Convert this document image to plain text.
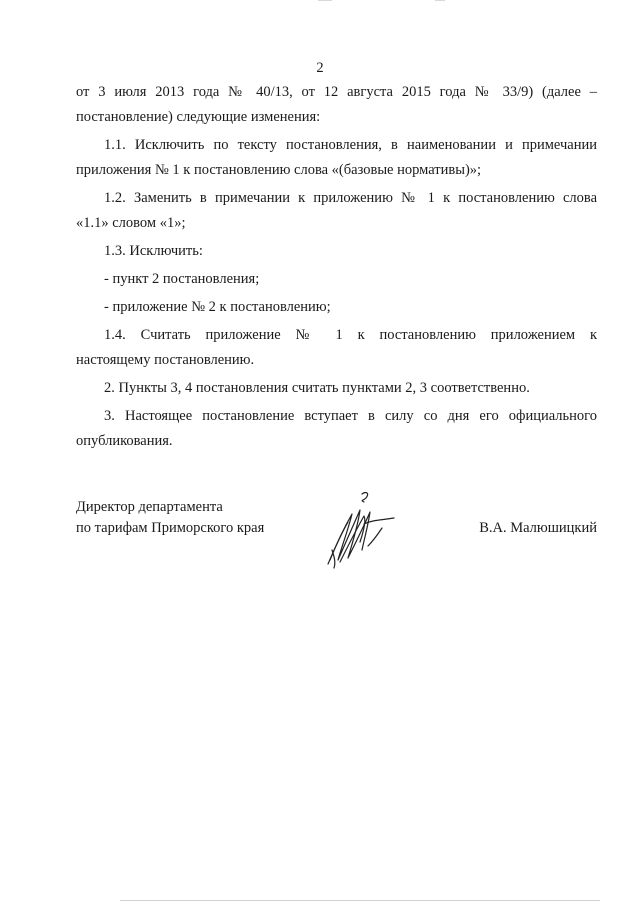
2

от 3 июля 2013 года № 40/13, от 12 августа 2015 года № 33/9) (далее –

постановление) следующие изменения:

1.1. Исключить по тексту постановления, в наименовании и примечании

приложения № 1 к постановлению слова «(базовые нормативы)»;

1.2. Заменить в примечании к приложению № 1 к постановлению слова

«1.1» словом «1»;

1.3. Исключить:

- пункт 2 постановления;

- приложение № 2 к постановлению;

1.4. Считать приложение № 1 к постановлению приложением к

настоящему постановлению.

2. Пункты 3, 4 постановления считать пунктами 2, 3 соответственно.

3. Настоящее постановление вступает в силу со дня его официального

опубликования.

Директор департамента
по тарифам Приморского края	В.А. Малюшицкий
